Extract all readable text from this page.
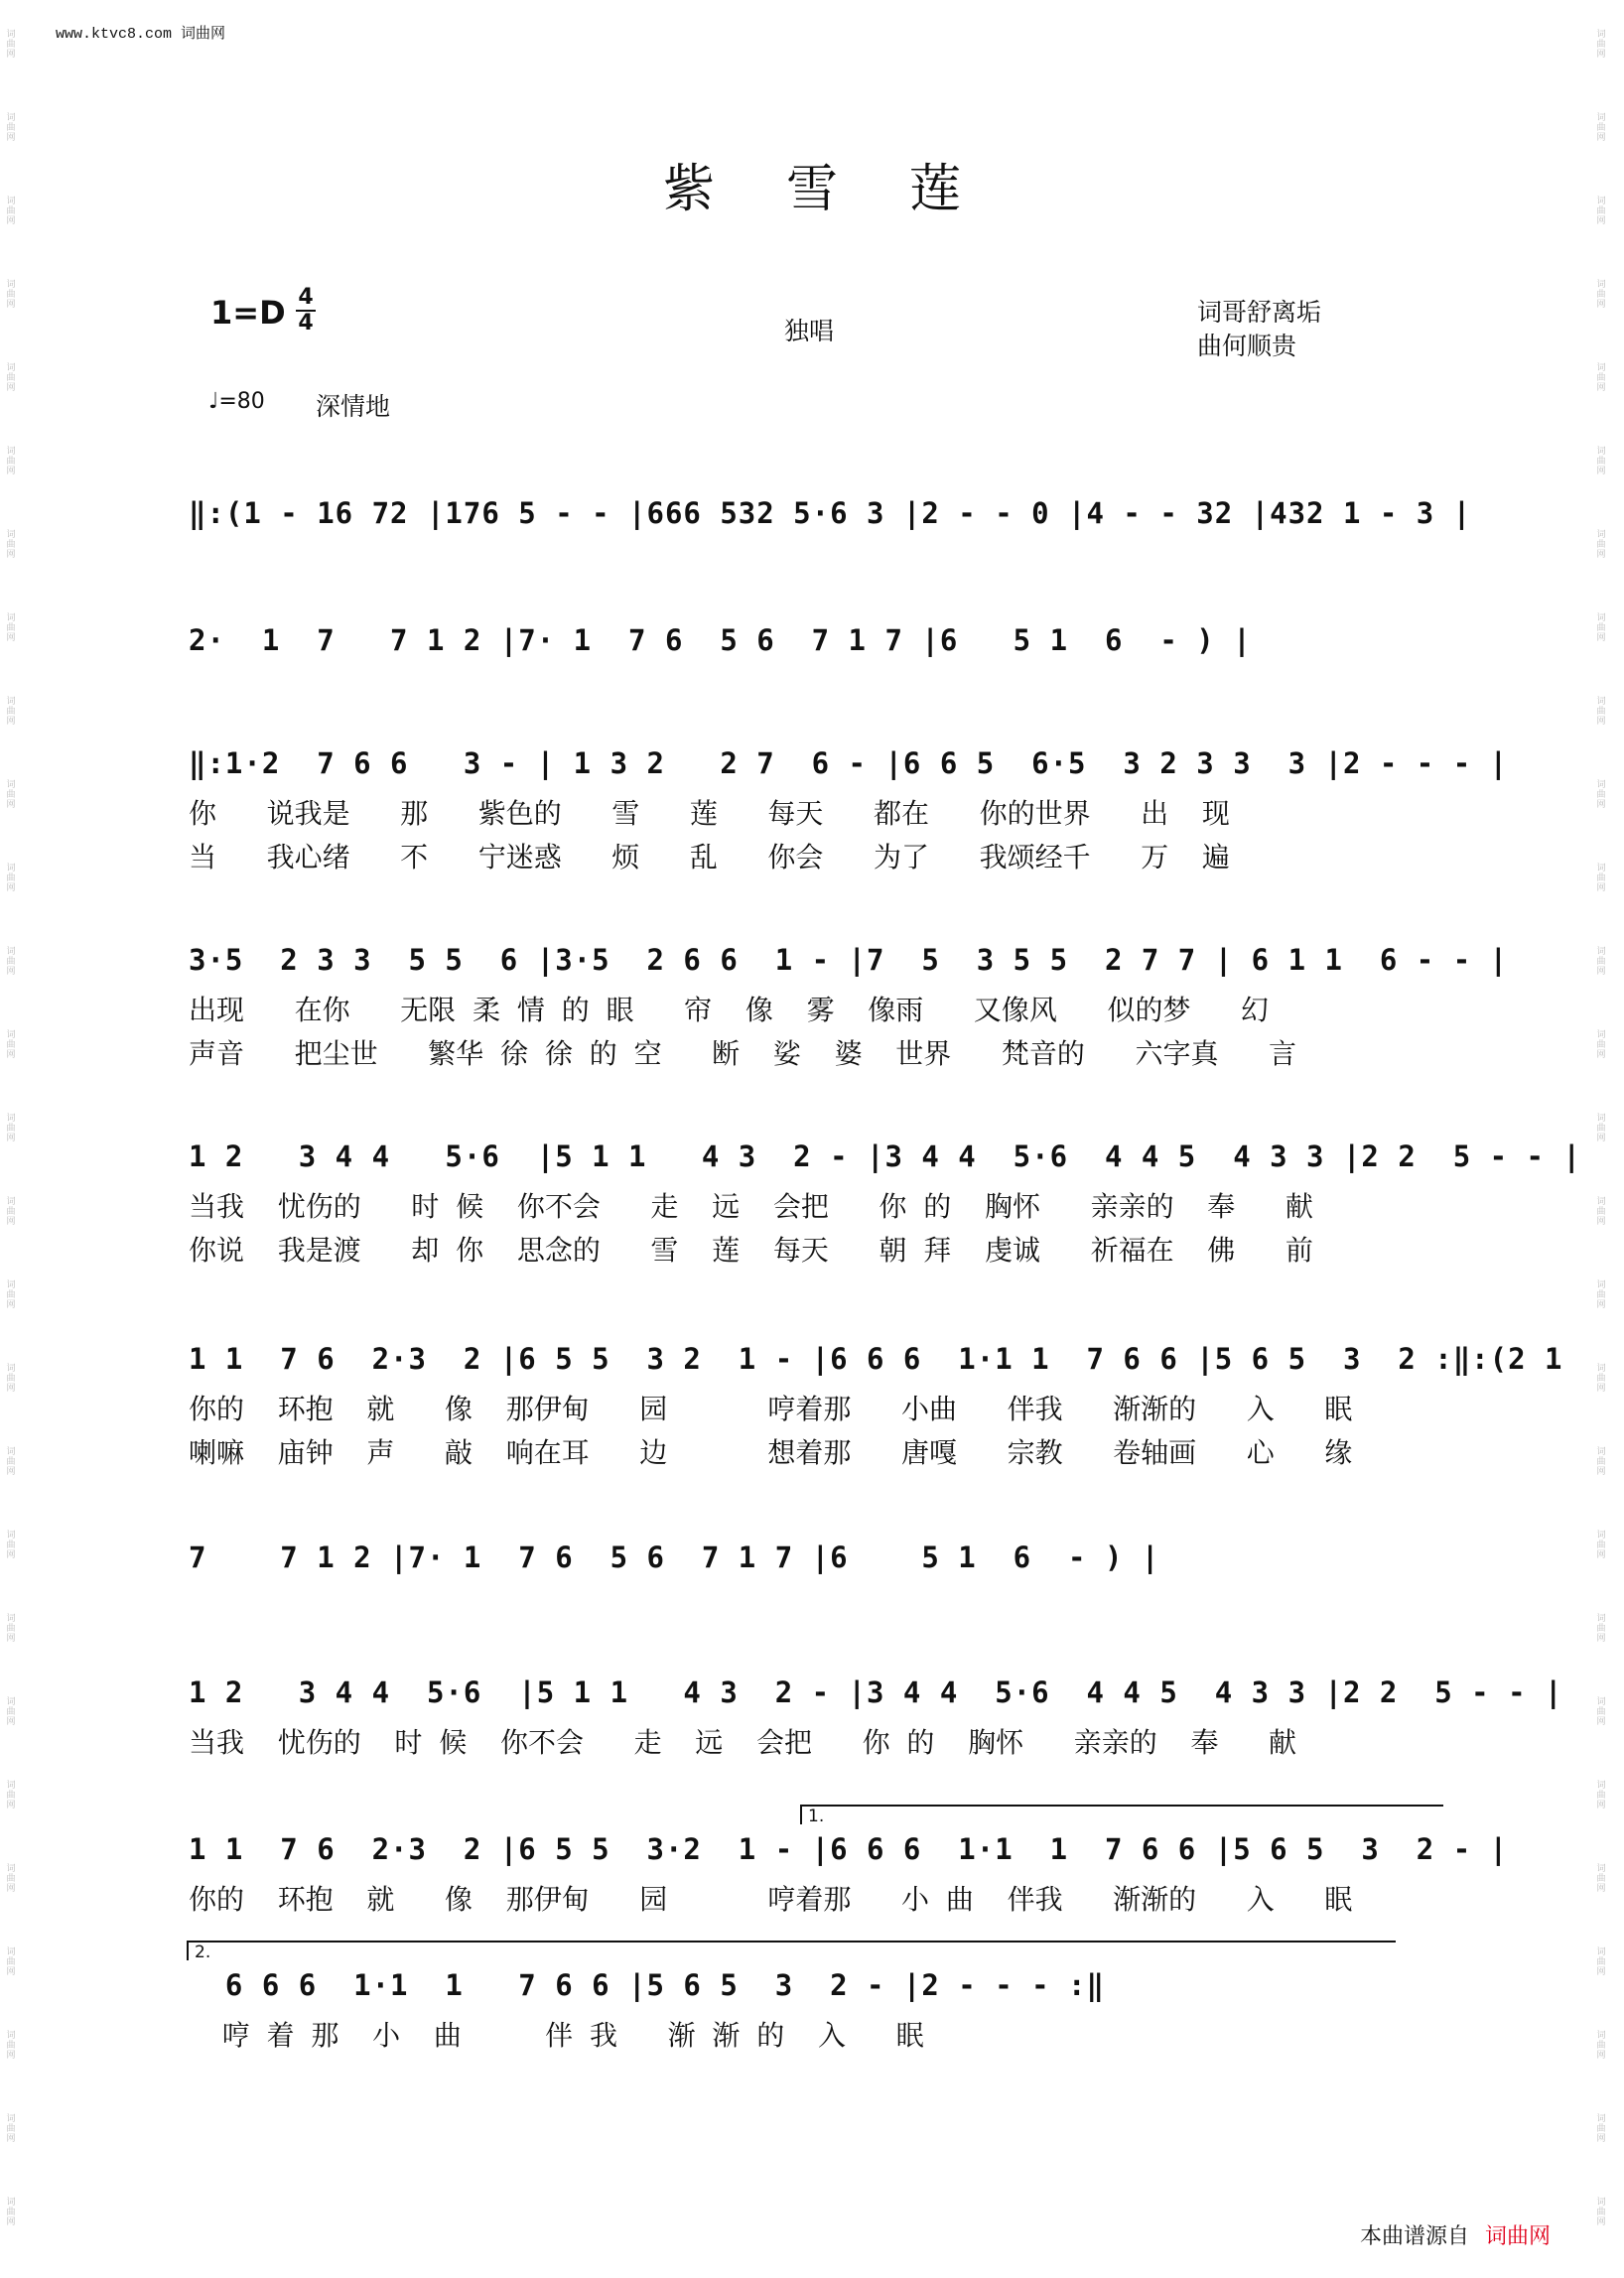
词曲网
词曲网
词曲网
词曲网
词曲网
词曲网
词曲网
词曲网
词曲网
词曲网
词曲网
词曲网
词曲网
词曲网
词曲网
词曲网
词曲网
词曲网
词曲网
词曲网
词曲网
词曲网
词曲网
词曲网
词曲网
词曲网
词曲网
词曲网
词曲网
词曲网
词曲网
词曲网
词曲网
词曲网
词曲网
词曲网
词曲网
词曲网
词曲网
词曲网
词曲网
词曲网
词曲网
词曲网
词曲网
词曲网
词曲网
词曲网
词曲网
词曲网
词曲网
词曲网
词曲网
词曲网
www.ktvc8.com 词曲网
紫雪莲
1=D 4
4	独唱
词哥舒离垢
曲何顺贵
♩=80 深情地
‖:(1 - 16 72 |176 5 - - |666 532 5·6 3 |2 - - 0 |4 - - 32 |432 1 - 3 |
2·  1  7   7 1 2 |7· 1  7 6  5 6  7 1 7 |6   5 1  6  - ) |
‖:1·2  7 6 6   3 - | 1 3 2   2 7  6 - |6 6 5  6·5  3 2 3 3  3 |2 - - - |
你   说我是   那   紫色的   雪   莲   每天   都在   你的世界   出  现
当   我心绪   不   宁迷惑   烦   乱   你会   为了   我颂经千   万  遍
3·5  2 3 3  5 5  6 |3·5  2 6 6  1 - |7  5  3 5 5  2 7 7 | 6 1 1  6 - - |
出现   在你   无限 柔 情 的 眼   帘  像  雾  像雨   又像风   似的梦   幻
声音   把尘世   繁华 徐 徐 的 空   断  娑  婆  世界   梵音的   六字真   言
1 2   3 4 4   5·6  |5 1 1   4 3  2 - |3 4 4  5·6  4 4 5  4 3 3 |2 2  5 - - |
当我  忧伤的   时 候  你不会   走  远  会把   你 的  胸怀   亲亲的  奉   献
你说  我是渡   却 你  思念的   雪  莲  每天   朝 拜  虔诚   祈福在  佛   前
1 1  7 6  2·3  2 |6 5 5  3 2  1 - |6 6 6  1·1 1  7 6 6 |5 6 5  3  2 :‖:(2 1
你的  环抱  就   像  那伊甸   园      哼着那   小曲   伴我   渐渐的   入   眠
喇嘛  庙钟  声   敲  响在耳   边      想着那   唐嘎   宗教   卷轴画   心   缘
7    7 1 2 |7· 1  7 6  5 6  7 1 7 |6    5 1  6  - ) |
1 2   3 4 4  5·6  |5 1 1   4 3  2 - |3 4 4  5·6  4 4 5  4 3 3 |2 2  5 - - |
当我  忧伤的  时 候  你不会   走  远  会把   你 的  胸怀   亲亲的  奉   献
1.
1 1  7 6  2·3  2 |6 5 5  3·2  1 - |6 6 6  1·1  1  7 6 6 |5 6 5  3  2 - |
你的  环抱  就   像  那伊甸   园      哼着那   小 曲  伴我   渐渐的   入   眠
2.
6 6 6  1·1  1   7 6 6 |5 6 5  3  2 - |2 - - - :‖
哼 着 那  小  曲     伴 我   渐 渐 的  入   眠
本曲谱源自 词曲网
